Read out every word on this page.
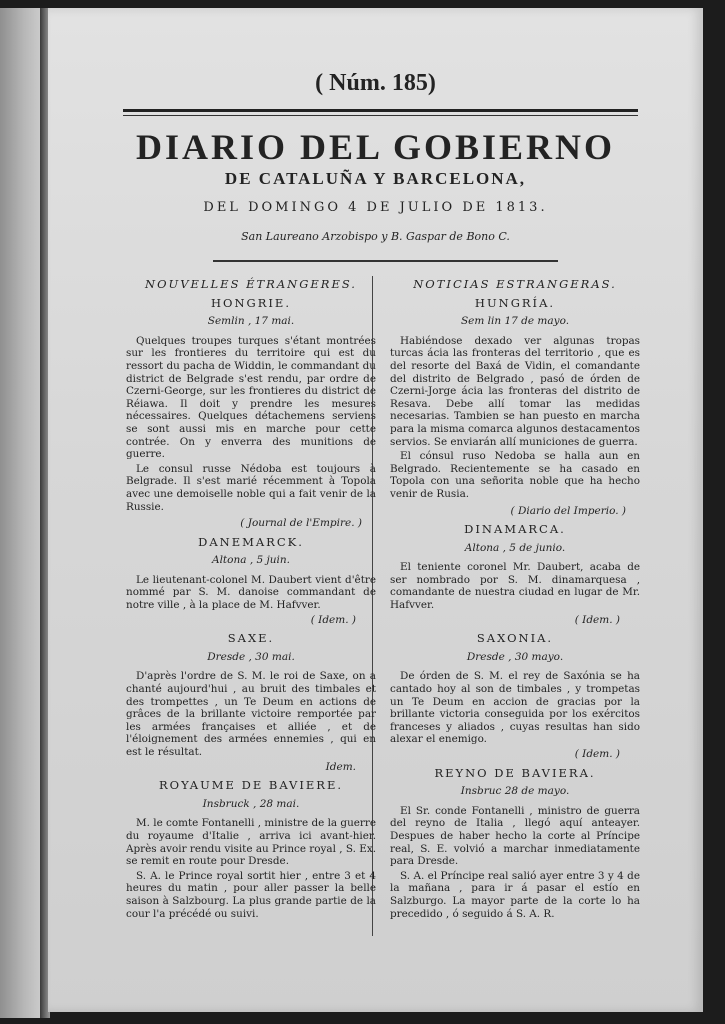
( Núm. 185)
DIARIO DEL GOBIERNO
DE CATALUÑA Y BARCELONA,
DEL DOMINGO 4 DE JULIO DE 1813.
San Laureano Arzobispo y B. Gaspar de Bono C.
NOUVELLES ÉTRANGERES.
HONGRIE.
Semlin , 17 mai.

Quelques troupes turques s'étant montrées sur les frontieres du territoire qui est du ressort du pacha de Widdin, le commandant du district de Belgrade s'est rendu, par ordre de Czerni-George, sur les frontieres du district de Réiawa. Il doit y prendre les mesures nécessaires. Quelques détachemens serviens se sont aussi mis en marche pour cette contrée. On y enverra des munitions de guerre.

Le consul russe Nédoba est toujours à Belgrade. Il s'est marié récemment à Topola avec une demoiselle noble qui a fait venir de la Russie.

( Journal de l'Empire. )
DANEMARCK.
Altona , 5 juin.

Le lieutenant-colonel M. Daubert vient d'être nommé par S. M. danoise commandant de notre ville , à la place de M. Hafvver.

( Idem. )
SAXE.
Dresde , 30 mai.

D'après l'ordre de S. M. le roi de Saxe, on a chanté aujourd'hui , au bruit des timbales et des trompettes , un Te Deum en actions de grâces de la brillante victoire remportée par les armées françaises et alliée , et de l'éloignement des armées ennemies , qui en est le résultat.

Idem.
ROYAUME DE BAVIERE.
Insbruck , 28 mai.

M. le comte Fontanelli , ministre de la guerre du royaume d'Italie , arriva ici avant-hier. Après avoir rendu visite au Prince royal , S. Ex. se remit en route pour Dresde.

S. A. le Prince royal sortit hier , entre 3 et 4 heures du matin , pour aller passer la belle saison à Salzbourg. La plus grande partie de la cour l'a précédé ou suivi.

NOTICIAS ESTRANGERAS.
HUNGRÍA.
Sem lin 17 de mayo.

Habiéndose dexado ver algunas tropas turcas ácia las fronteras del territorio , que es del resorte del Baxá de Vidin, el comandante del distrito de Belgrado , pasó de órden de Czerni-Jorge ácia las fronteras del distrito de Resava. Debe allí tomar las medidas necesarias. Tambien se han puesto en marcha para la misma comarca algunos destacamentos servios. Se enviarán allí municiones de guerra.

El cónsul ruso Nedoba se halla aun en Belgrado. Recientemente se ha casado en Topola con una señorita noble que ha hecho venir de Rusia.

( Diario del Imperio. )
DINAMARCA.
Altona , 5 de junio.

El teniente coronel Mr. Daubert, acaba de ser nombrado por S. M. dinamarquesa , comandante de nuestra ciudad en lugar de Mr. Hafvver.

( Idem. )
SAXONIA.
Dresde , 30 mayo.

De órden de S. M. el rey de Saxónia se ha cantado hoy al son de timbales , y trompetas un Te Deum en accion de gracias por la brillante victoria conseguida por los exércitos franceses y aliados , cuyas resultas han sido alexar el enemigo.

( Idem. )
REYNO DE BAVIERA.
Insbruc 28 de mayo.

El Sr. conde Fontanelli , ministro de guerra del reyno de Italia , llegó aquí anteayer. Despues de haber hecho la corte al Príncipe real, S. E. volvió a marchar inmediatamente para Dresde.

S. A. el Príncipe real salió ayer entre 3 y 4 de la mañana , para ir á pasar el estío en Salzburgo. La mayor parte de la corte lo ha precedido , ó seguido á S. A. R.
